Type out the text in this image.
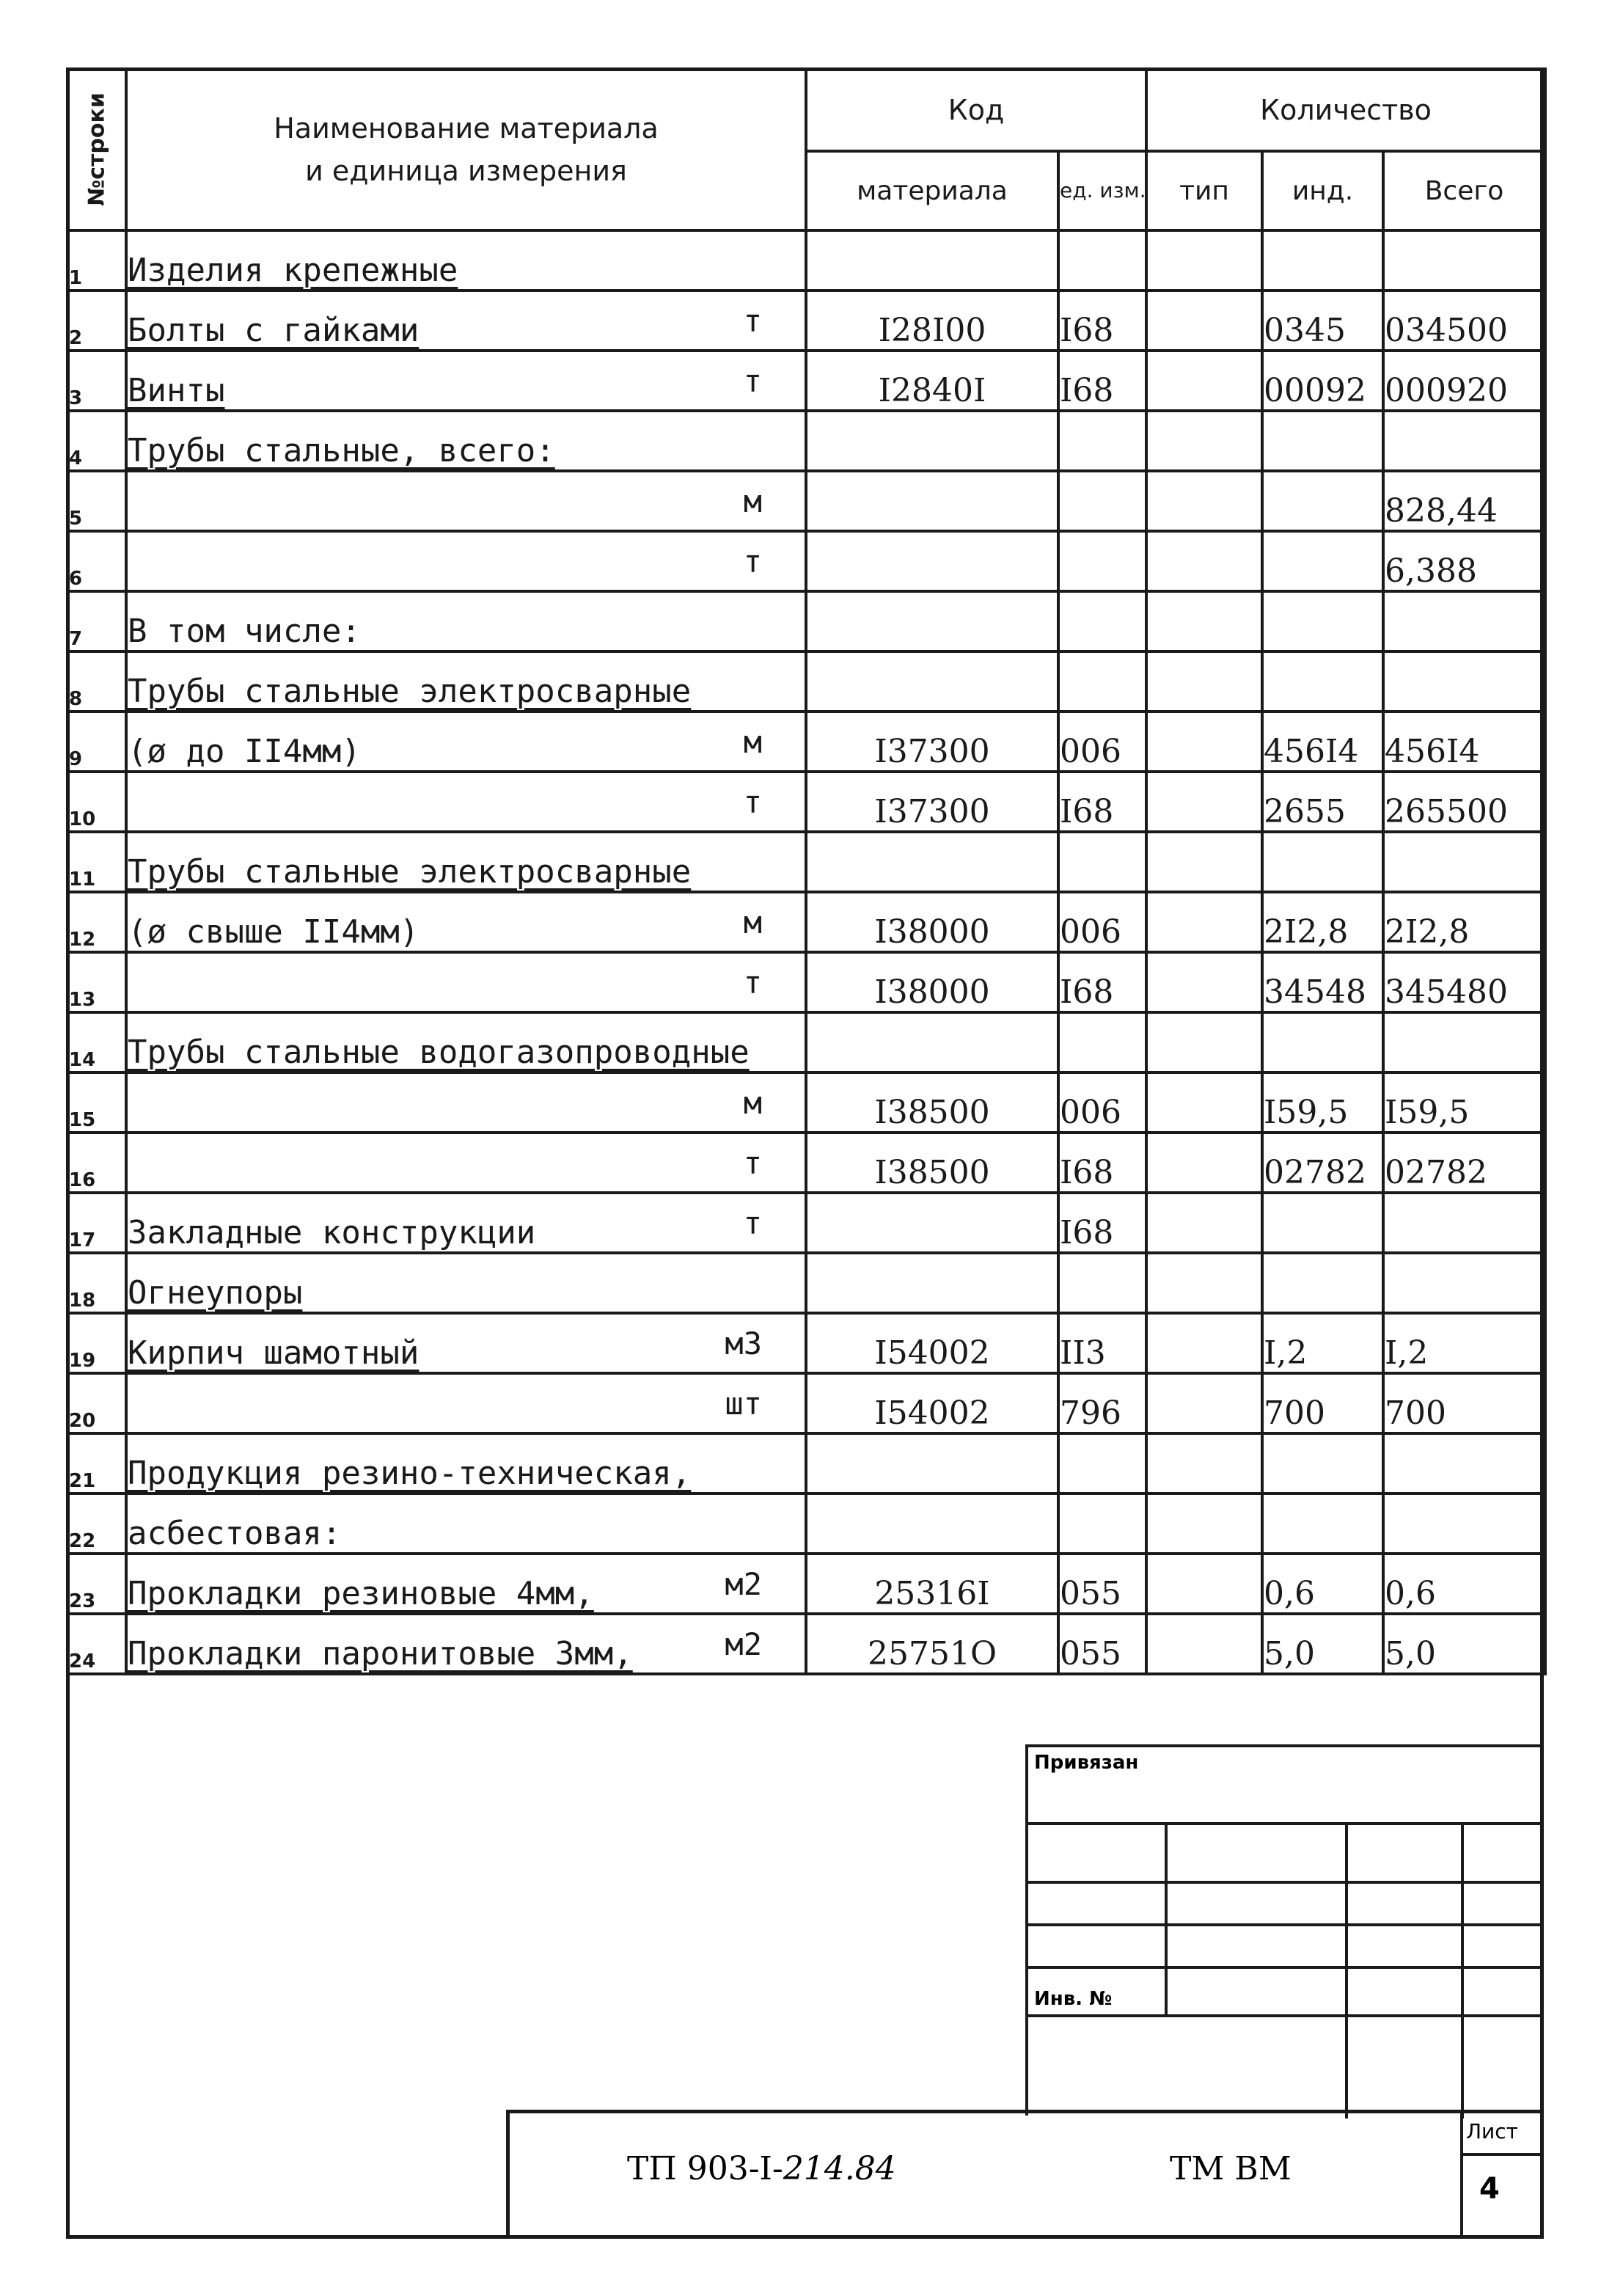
№строки	Наименование материала
и единица измерения	Код		Количество		
		материала	ед. изм.	тип	инд.	Всего
1	Изделия крепежные

2	Болты с гайками т	I28I00	I68		0345	034500
3	Винты т	I2840I	I68		00092	000920
4	Трубы стальные, всего:

5	м					828,44
6	т					6,388
7	В том числе:

8	Трубы стальные электросварные

9	(ø до II4мм) м	I37300	006		456I4	456I4
10	т	I37300	I68		2655	265500
11	Трубы стальные электросварные

12	(ø свыше II4мм) м	I38000	006		2I2,8	2I2,8
13	т	I38000	I68		34548	345480
14	Трубы стальные водогазопроводные

15	м	I38500	006		I59,5	I59,5
16	т	I38500	I68		02782	02782
17	Закладные конструкции т		I68			
18	Огнеупоры

19	Кирпич шамотный м3	I54002	II3		I,2	I,2
20	шт	I54002	796		700	700
21	Продукция резино-техническая,

22	асбестовая:

23	Прокладки резиновые 4мм, м2	25316I	055		0,6	0,6
24	Прокладки паронитовые 3мм, м2	25751O	055		5,0	5,0
Привязан
Инв. №
ТП 903-I-214.84	ТМ ВМ
Лист
4
